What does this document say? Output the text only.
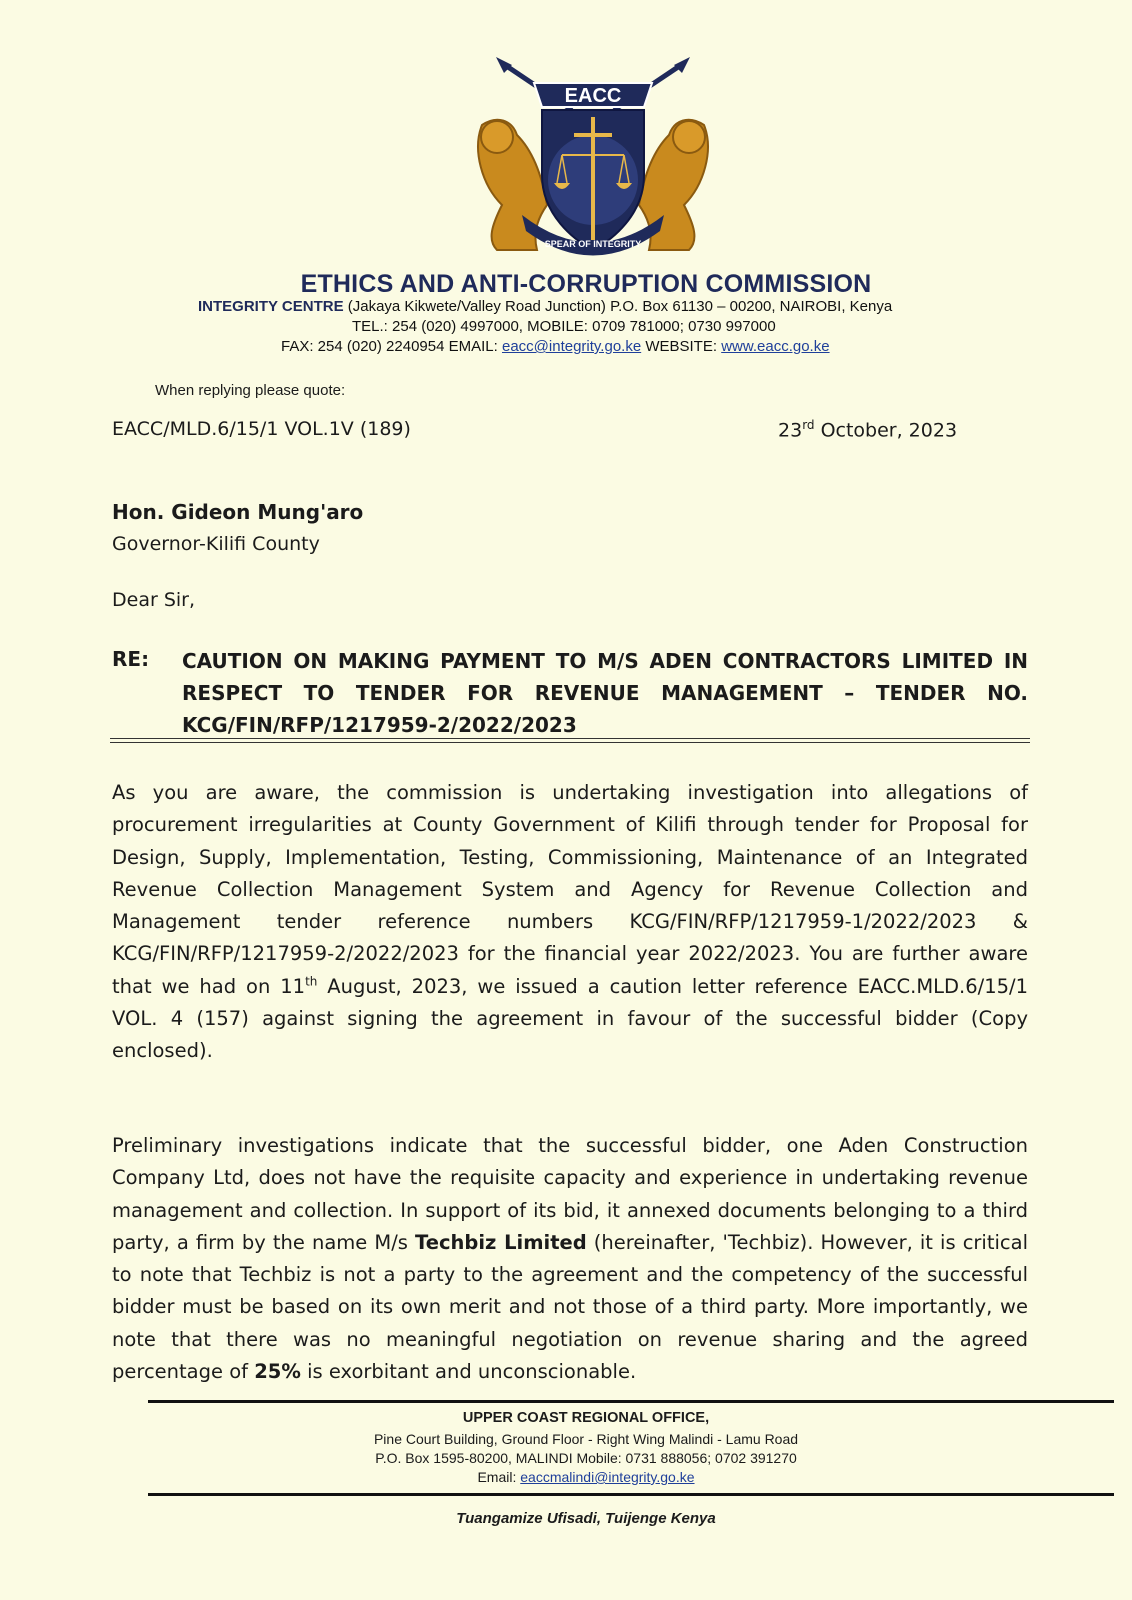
EACC
SPEAR OF INTEGRITY
ETHICS AND ANTI-CORRUPTION COMMISSION
INTEGRITY CENTRE (Jakaya Kikwete/Valley Road Junction) P.O. Box 61130 – 00200, NAIROBI, Kenya
TEL.: 254 (020) 4997000, MOBILE: 0709 781000; 0730 997000
FAX: 254 (020) 2240954 EMAIL: eacc@integrity.go.ke WEBSITE: www.eacc.go.ke
When replying please quote:
EACC/MLD.6/15/1 VOL.1V (189)	23rd October, 2023
Hon. Gideon Mung'aro
Governor-Kilifi County
Dear Sir,
RE: CAUTION ON MAKING PAYMENT TO M/S ADEN CONTRACTORS LIMITED IN RESPECT TO TENDER FOR REVENUE MANAGEMENT – TENDER NO. KCG/FIN/RFP/1217959-2/2022/2023
As you are aware, the commission is undertaking investigation into allegations of procurement irregularities at County Government of Kilifi through tender for Proposal for Design, Supply, Implementation, Testing, Commissioning, Maintenance of an Integrated Revenue Collection Management System and Agency for Revenue Collection and Management tender reference numbers KCG/FIN/RFP/1217959-1/2022/2023 & KCG/FIN/RFP/1217959-2/2022/2023 for the financial year 2022/2023. You are further aware that we had on 11th August, 2023, we issued a caution letter reference EACC.MLD.6/15/1 VOL. 4 (157) against signing the agreement in favour of the successful bidder (Copy enclosed).
Preliminary investigations indicate that the successful bidder, one Aden Construction Company Ltd, does not have the requisite capacity and experience in undertaking revenue management and collection. In support of its bid, it annexed documents belonging to a third party, a firm by the name M/s Techbiz Limited (hereinafter, 'Techbiz). However, it is critical to note that Techbiz is not a party to the agreement and the competency of the successful bidder must be based on its own merit and not those of a third party. More importantly, we note that there was no meaningful negotiation on revenue sharing and the agreed percentage of 25% is exorbitant and unconscionable.
UPPER COAST REGIONAL OFFICE,
Pine Court Building, Ground Floor - Right Wing Malindi - Lamu Road
P.O. Box 1595-80200, MALINDI Mobile: 0731 888056; 0702 391270
Email: eaccmalindi@integrity.go.ke
Tuangamize Ufisadi, Tuijenge Kenya
